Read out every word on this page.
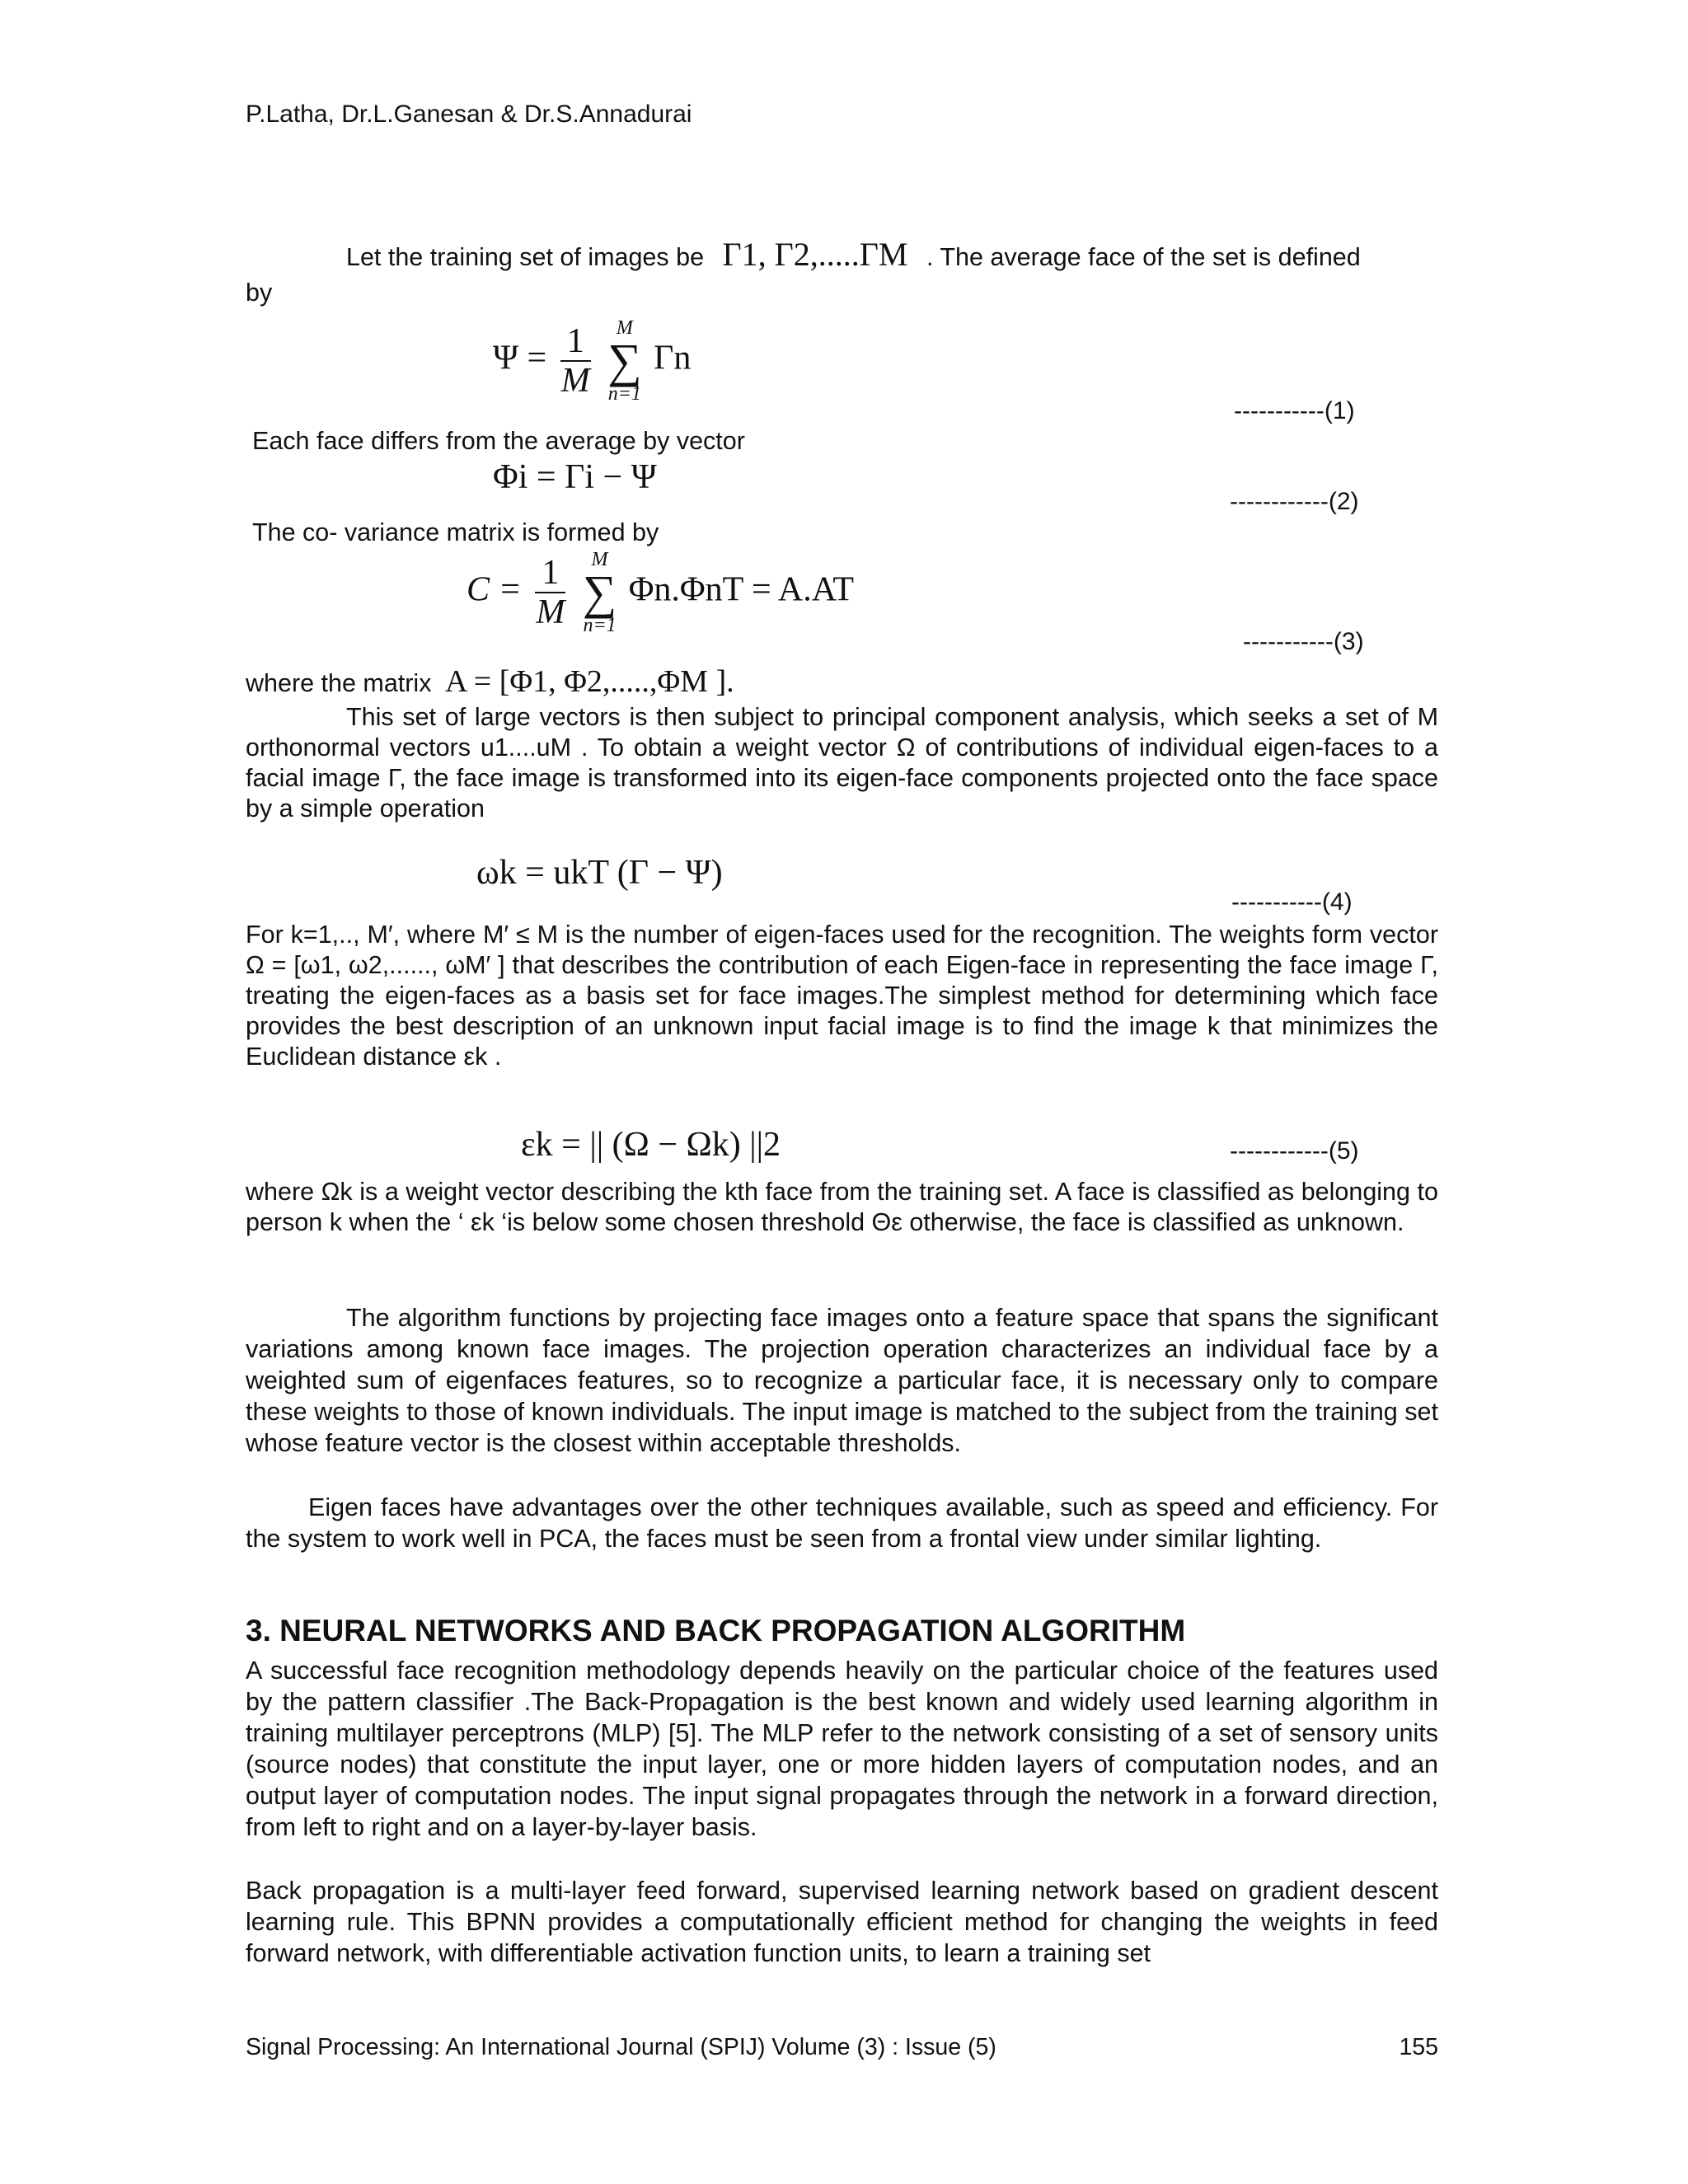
P.Latha, Dr.L.Ganesan & Dr.S.Annadurai
Let the training set of images be Γ1, Γ2,.....ΓM . The average face of the set is defined
by
$\Psi = \frac{1}{M}$
	M
∑
n=1
Γn
-----------(1)
Each face differs from the average by vector
Φi = Γi − Ψ
------------(2)
The co- variance matrix is formed by
$C = \frac{1}{M}$
	M
∑
n=1
Φn.ΦnT = A.AT
-----------(3)
where the matrix A = [Φ1, Φ2,.....,ΦM ].
This set of large vectors is then subject to principal component analysis, which seeks a set of M orthonormal vectors u1....uM . To obtain a weight vector Ω of contributions of individual eigen-faces to a facial image Γ, the face image is transformed into its eigen-face components projected onto the face space by a simple operation
ωk = ukT (Γ − Ψ)
-----------(4)
For k=1,.., M′, where M′ ≤ M is the number of eigen-faces used for the recognition. The weights form vector Ω = [ω1, ω2,......, ωM′ ] that describes the contribution of each Eigen-face in representing the face image Γ, treating the eigen-faces as a basis set for face images.The simplest method for determining which face provides the best description of an unknown input facial image is to find the image k that minimizes the Euclidean distance εk .
εk = || (Ω − Ωk) ||2	------------(5)
where Ωk is a weight vector describing the kth face from the training set. A face is classified as belonging to person k when the ‘ εk ‘is below some chosen threshold Θε otherwise, the face is classified as unknown.
The algorithm functions by projecting face images onto a feature space that spans the significant variations among known face images. The projection operation characterizes an individual face by a weighted sum of eigenfaces features, so to recognize a particular face, it is necessary only to compare these weights to those of known individuals. The input image is matched to the subject from the training set whose feature vector is the closest within acceptable thresholds.
Eigen faces have advantages over the other techniques available, such as speed and efficiency. For the system to work well in PCA, the faces must be seen from a frontal view under similar lighting.
3. NEURAL NETWORKS AND BACK PROPAGATION ALGORITHM
A successful face recognition methodology depends heavily on the particular choice of the features used by the pattern classifier .The Back-Propagation is the best known and widely used learning algorithm in training multilayer perceptrons (MLP) [5]. The MLP refer to the network consisting of a set of sensory units (source nodes) that constitute the input layer, one or more hidden layers of computation nodes, and an output layer of computation nodes. The input signal propagates through the network in a forward direction, from left to right and on a layer-by-layer basis.
Back propagation is a multi-layer feed forward, supervised learning network based on gradient descent learning rule. This BPNN provides a computationally efficient method for changing the weights in feed forward network, with differentiable activation function units, to learn a training set
Signal Processing: An International Journal (SPIJ) Volume (3) : Issue (5)	155
